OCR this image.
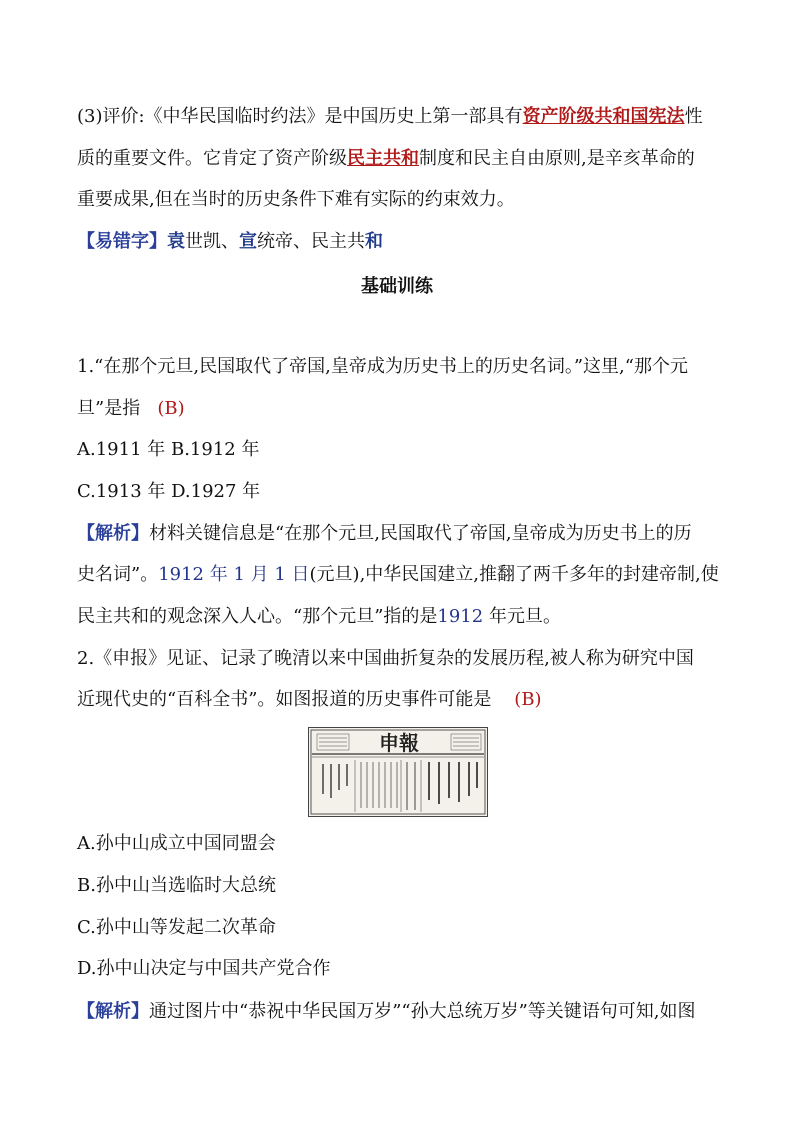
(3)评价:《中华民国临时约法》是中国历史上第一部具有资产阶级共和国宪法性
质的重要文件。它肯定了资产阶级民主共和制度和民主自由原则,是辛亥革命的
重要成果,但在当时的历史条件下难有实际的约束效力。
【易错字】袁世凯、宣统帝、民主共和
基础训练
1.“在那个元旦,民国取代了帝国,皇帝成为历史书上的历史名词。”这里,“那个元
旦”是指 (B)
A.1911 年 B.1912 年
C.1913 年 D.1927 年
【解析】材料关键信息是“在那个元旦,民国取代了帝国,皇帝成为历史书上的历
史名词”。1912 年 1 月 1 日(元旦),中华民国建立,推翻了两千多年的封建帝制,使
民主共和的观念深入人心。“那个元旦”指的是1912 年元旦。
2.《申报》见证、记录了晚清以来中国曲折复杂的发展历程,被人称为研究中国
近现代史的“百科全书”。如图报道的历史事件可能是 (B)
申報
A.孙中山成立中国同盟会
B.孙中山当选临时大总统
C.孙中山等发起二次革命
D.孙中山决定与中国共产党合作
【解析】通过图片中“恭祝中华民国万岁”“孙大总统万岁”等关键语句可知,如图
